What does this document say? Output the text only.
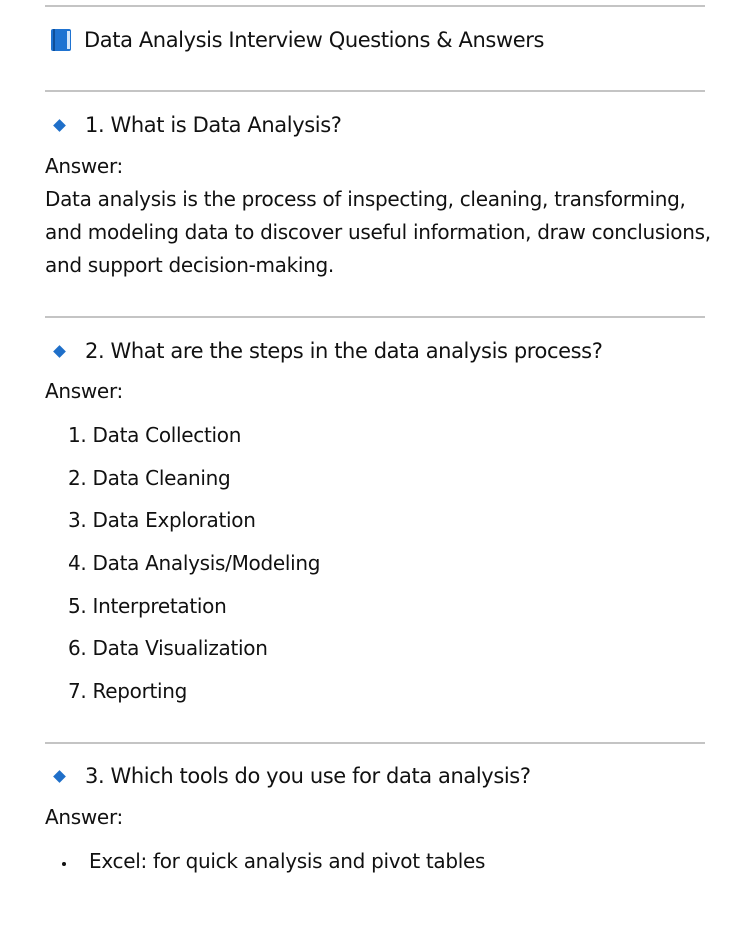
Data Analysis Interview Questions & Answers
1. What is Data Analysis?

Answer:

Data analysis is the process of inspecting, cleaning, transforming, and modeling data to discover useful information, draw conclusions, and support decision-making.

2. What are the steps in the data analysis process?

Answer:

1. Data Collection
2. Data Cleaning
3. Data Exploration
4. Data Analysis/Modeling
5. Interpretation
6. Data Visualization
7. Reporting
3. Which tools do you use for data analysis?

Answer:

Excel: for quick analysis and pivot tables
